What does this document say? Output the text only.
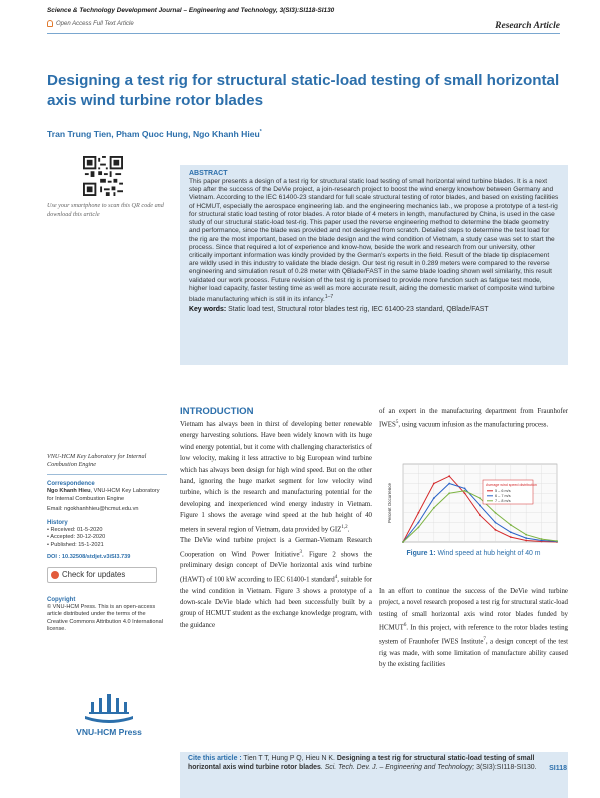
Science & Technology Development Journal – Engineering and Technology, 3(SI3):SI118-SI130
Open Access Full Text Article	Research Article
Designing a test rig for structural static-load testing of small horizontal axis wind turbine rotor blades
Tran Trung Tien, Pham Quoc Hung, Ngo Khanh Hieu*
Use your smartphone to scan this QR code and download this article
ABSTRACT

This paper presents a design of a test rig for structural static load testing of small horizontal wind turbine blades. It is a next step after the success of the DeVie project, a join-research project to boost the wind energy knowhow between Germany and Vietnam. According to the IEC 61400-23 standard for full scale structural testing of rotor blades, and based on existing facilities of HCMUT, especially the aerospace engineering lab. and the engineering mechanics lab., we propose a prototype of a test-rig for structural static load testing of rotor blades. A rotor blade of 4 meters in length, manufactured by China, is used in the case study of our structural static-load test-rig. This paper used the reverse engineering method to determine the blade geometry and performance, since the blade was provided and not designed from scratch. Detailed steps to determine the test load for the rig are the most important, based on the blade design and the wind condition of Vietnam, a study case was set to start the process. Since that required a lot of experience and know-how, beside the work and research from our university, other critically important information was kindly provided by the German’s experts in the field. Result of the blade tip displacement are wildly used in this industry to validate the blade design. Our test rig result in 0.289 meters were compared to the reverse engineering and simulation result of 0.28 meter with QBlade/FAST in the same blade loading shown well similarity, this result validated our work process. Future revision of the test rig is promised to provide more function such as fatigue test mode, higher load capacity, faster testing time as well as more accurate result, aiding the domestic market of composite wind turbine blade manufacturing which is still in its infancy.$^{1-7}$

Key words: Static load test, Structural rotor blades test rig, IEC 61400-23 standard, QBlade/FAST
VNU-HCM Key Laboratory for Internal Combustion Engine
Correspondence
Ngo Khanh Hieu, VNU-HCM Key Laboratory for Internal Combustion Engine
Email: ngokhanhhieu@hcmut.edu.vn
History
• Received: 01-5-2020
• Accepted: 30-12-2020
• Published: 15-1-2021
DOI : 10.32508/stdjet.v3iSI3.739
Check for updates
Copyright
© VNU-HCM Press. This is an open-access article distributed under the terms of the Creative Commons Attribution 4.0 International license.
VNU-HCM Press
INTRODUCTION

Vietnam has always been in thirst of developing better renewable energy harvesting solutions. Have been widely known with its huge wind energy potential, but it come with challenging characteristics of low velocity, making it less attractive to big European wind turbine which has always been design for high wind speed. But on the other hand, ignoring the huge market segment for low velocity wind turbine, which is the research and manufacturing potential for the developing and inexperienced wind energy industry in Vietnam. Figure 1 shows the average wind speed at the hub height of 40 meters in several region of Vietnam, data provided by GIZ$^{1,2}$.

The DeVie wind turbine project is a German-Vietnam Research Cooperation on Wind Power Initiative$^3$. Figure 2 shows the preliminary design concept of DeVie horizontal axis wind turbine (HAWT) of 100 kW according to IEC 61400-1 standard$^4$, suitable for the wind condition in Vietnam. Figure 3 shows a prototype of a down-scale DeVie blade which had been successfully built by a group of HCMUT student as the exchange knowledge program, with the guidance

of an expert in the manufacturing department from Fraunhofer IWES$^5$, using vacuum infusion as the manufacturing process.

Percent Occurrence	Average wind speed distribution
5 – 6 m/s
6 – 7 m/s
7 – 8 m/s
Figure 1: Wind speed at hub height of 40 m

In an effort to continue the success of the DeVie wind turbine project, a novel research proposed a test rig for structural static-load testing of small horizontal axis wind rotor blades funded by HCMUT$^6$. In this project, with reference to the rotor blades testing system of Fraunhofer IWES Institute$^7$, a design concept of the test rig was made, with some limitation of manufacture ability caused by the existing facilities

Cite this article : Tien T T, Hung P Q, Hieu N K. Designing a test rig for structural static-load testing of small horizontal axis wind turbine rotor blades. Sci. Tech. Dev. J. – Engineering and Technology; 3(SI3):SI118-SI130.	SI118
